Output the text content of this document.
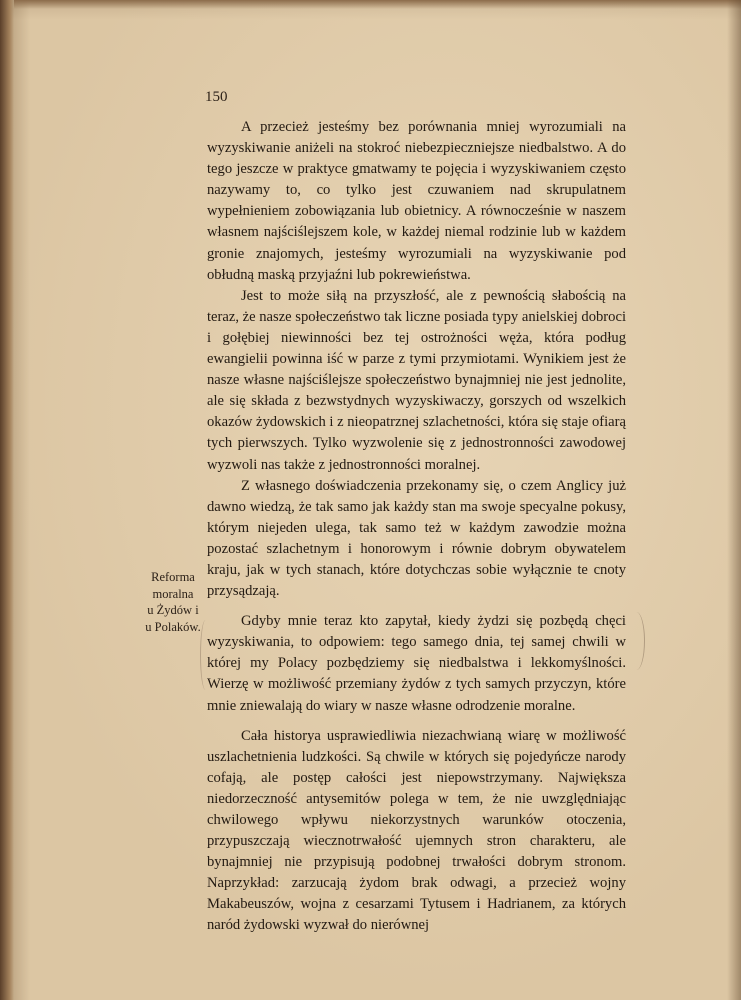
150
Reforma
moralna
u Żydów i
u Polaków.

A przecież jesteśmy bez porównania mniej wyrozumiali na wyzyskiwanie aniżeli na stokroć niebezpieczniejsze niedbalstwo. A do tego jeszcze w praktyce gmatwamy te pojęcia i wyzyskiwaniem często nazywamy to, co tylko jest czuwaniem nad skrupulatnem wypełnieniem zobowiązania lub obietnicy. A równocześnie w naszem własnem najściślejszem kole, w każdej niemal rodzinie lub w każdem gronie znajomych, jesteśmy wyrozumiali na wyzyskiwanie pod obłudną maską przyjaźni lub pokrewieństwa.

Jest to może siłą na przyszłość, ale z pewnością słabością na teraz, że nasze społeczeństwo tak liczne posiada typy anielskiej dobroci i gołębiej niewinności bez tej ostrożności węża, która podług ewangielii powinna iść w parze z tymi przymiotami. Wynikiem jest że nasze własne najściślejsze społeczeństwo bynajmniej nie jest jednolite, ale się składa z bezwstydnych wyzyskiwaczy, gorszych od wszelkich okazów żydowskich i z nieopatrznej szlachetności, która się staje ofiarą tych pierwszych. Tylko wyzwolenie się z jednostronności zawodowej wyzwoli nas także z jednostronności moralnej.

Z własnego doświadczenia przekonamy się, o czem Anglicy już dawno wiedzą, że tak samo jak każdy stan ma swoje specyalne pokusy, którym niejeden ulega, tak samo też w każdym zawodzie można pozostać szlachetnym i honorowym i równie dobrym obywatelem kraju, jak w tych stanach, które dotychczas sobie wyłącznie te cnoty przysądzają.

Gdyby mnie teraz kto zapytał, kiedy żydzi się pozbędą chęci wyzyskiwania, to odpowiem: tego samego dnia, tej samej chwili w której my Polacy pozbędziemy się niedbalstwa i lekkomyślności. Wierzę w możliwość przemiany żydów z tych samych przyczyn, które mnie zniewalają do wiary w nasze własne odrodzenie moralne.

Cała historya usprawiedliwia niezachwianą wiarę w możliwość uszlachetnienia ludzkości. Są chwile w których się pojedyńcze narody cofają, ale postęp całości jest niepowstrzymany. Największa niedorzeczność antysemitów polega w tem, że nie uwzględniając chwilowego wpływu niekorzystnych warunków otoczenia, przypuszczają wiecznotrwałość ujemnych stron charakteru, ale bynajmniej nie przypisują podobnej trwałości dobrym stronom. Naprzykład: zarzucają żydom brak odwagi, a przecież wojny Makabeuszów, wojna z cesarzami Tytusem i Hadrianem, za których naród żydowski wyzwał do nierównej
